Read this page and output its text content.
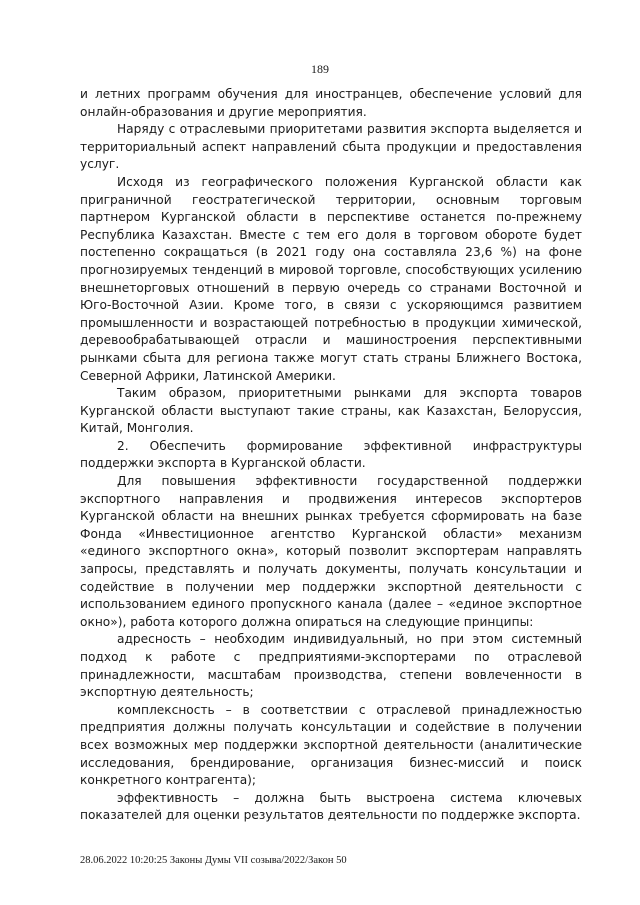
189

и летних программ обучения для иностранцев, обеспечение условий для онлайн-образования и другие мероприятия.

Наряду с отраслевыми приоритетами развития экспорта выделяется и территориальный аспект направлений сбыта продукции и предоставления услуг.

Исходя из географического положения Курганской области как приграничной геостратегической территории, основным торговым партнером Курганской области в перспективе останется по-прежнему Республика Казахстан. Вместе с тем его доля в торговом обороте будет постепенно сокращаться (в 2021 году она составляла 23,6 %) на фоне прогнозируемых тенденций в мировой торговле, способствующих усилению внешнеторговых отношений в первую очередь со странами Восточной и Юго-Восточной Азии. Кроме того, в связи с ускоряющимся развитием промышленности и возрастающей потребностью в продукции химической, деревообрабатывающей отрасли и машиностроения перспективными рынками сбыта для региона также могут стать страны Ближнего Востока, Северной Африки, Латинской Америки.

Таким образом, приоритетными рынками для экспорта товаров Курганской области выступают такие страны, как Казахстан, Белоруссия, Китай, Монголия.

2. Обеспечить формирование эффективной инфраструктуры поддержки экспорта в Курганской области.

Для повышения эффективности государственной поддержки экспортного направления и продвижения интересов экспортеров Курганской области на внешних рынках требуется сформировать на базе Фонда «Инвестиционное агентство Курганской области» механизм «единого экспортного окна», который позволит экспортерам направлять запросы, представлять и получать документы, получать консультации и содействие в получении мер поддержки экспортной деятельности с использованием единого пропускного канала (далее – «единое экспортное окно»), работа которого должна опираться на следующие принципы:

адресность – необходим индивидуальный, но при этом системный подход к работе с предприятиями-экспортерами по отраслевой принадлежности, масштабам производства, степени вовлеченности в экспортную деятельность;

комплексность – в соответствии с отраслевой принадлежностью предприятия должны получать консультации и содействие в получении всех возможных мер поддержки экспортной деятельности (аналитические исследования, брендирование, организация бизнес-миссий и поиск конкретного контрагента);

эффективность – должна быть выстроена система ключевых показателей для оценки результатов деятельности по поддержке экспорта.

28.06.2022 10:20:25 Законы Думы VII созыва/2022/Закон 50
